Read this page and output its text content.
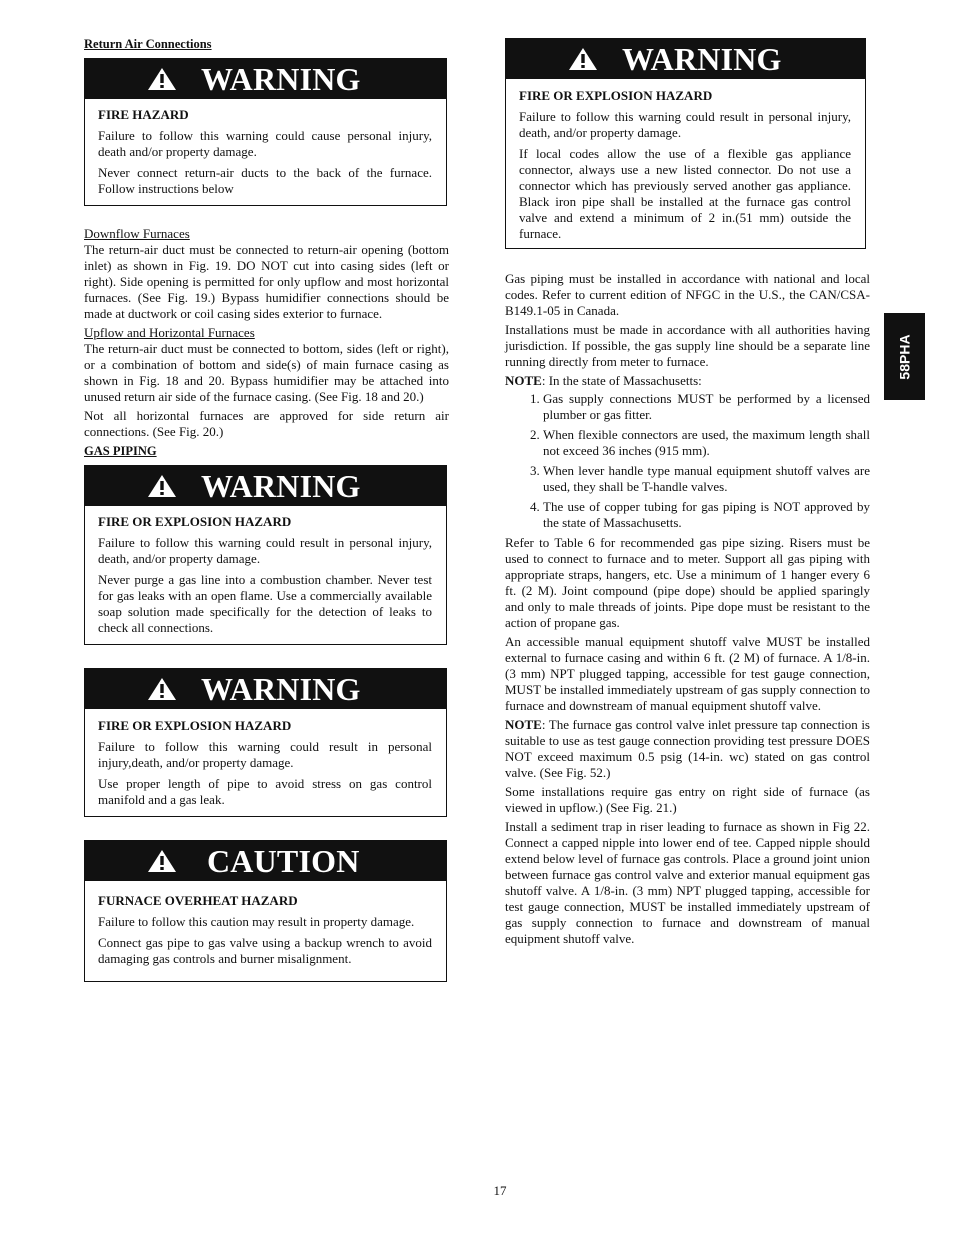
Return Air Connections

WARNING

FIRE HAZARD

Failure to follow this warning could cause personal injury, death and/or property damage.

Never connect return-air ducts to the back of the furnace. Follow instructions below

Downflow Furnaces

The return-air duct must be connected to return-air opening (bottom inlet) as shown in Fig. 19. DO NOT cut into casing sides (left or right). Side opening is permitted for only upflow and most horizontal furnaces. (See Fig. 19.) Bypass humidifier connections should be made at ductwork or coil casing sides exterior to furnace.

Upflow and Horizontal Furnaces

The return-air duct must be connected to bottom, sides (left or right), or a combination of bottom and side(s) of main furnace casing as shown in Fig. 18 and 20. Bypass humidifier may be attached into unused return air side of the furnace casing. (See Fig. 18 and 20.)

Not all horizontal furnaces are approved for side return air connections. (See Fig. 20.)

GAS PIPING

WARNING

FIRE OR EXPLOSION HAZARD

Failure to follow this warning could result in personal injury, death, and/or property damage.

Never purge a gas line into a combustion chamber. Never test for gas leaks with an open flame. Use a commercially available soap solution made specifically for the detection of leaks to check all connections.

WARNING

FIRE OR EXPLOSION HAZARD

Failure to follow this warning could result in personal injury,death, and/or property damage.

Use proper length of pipe to avoid stress on gas control manifold and a gas leak.

CAUTION

FURNACE OVERHEAT HAZARD

Failure to follow this caution may result in property damage.

Connect gas pipe to gas valve using a backup wrench to avoid damaging gas controls and burner misalignment.

WARNING

FIRE OR EXPLOSION HAZARD

Failure to follow this warning could result in personal injury, death, and/or property damage.

If local codes allow the use of a flexible gas appliance connector, always use a new listed connector. Do not use a connector which has previously served another gas appliance. Black iron pipe shall be installed at the furnace gas control valve and extend a minimum of 2 in.(51 mm) outside the furnace.

Gas piping must be installed in accordance with national and local codes. Refer to current edition of NFGC in the U.S., the CAN/CSA-B149.1-05 in Canada.

Installations must be made in accordance with all authorities having jurisdiction. If possible, the gas supply line should be a separate line running directly from meter to furnace.

NOTE: In the state of Massachusetts:

1. Gas supply connections MUST be performed by a licensed plumber or gas fitter.
2. When flexible connectors are used, the maximum length shall not exceed 36 inches (915 mm).
3. When lever handle type manual equipment shutoff valves are used, they shall be T-handle valves.
4. The use of copper tubing for gas piping is NOT approved by the state of Massachusetts.

Refer to Table 6 for recommended gas pipe sizing. Risers must be used to connect to furnace and to meter. Support all gas piping with appropriate straps, hangers, etc. Use a minimum of 1 hanger every 6 ft. (2 M). Joint compound (pipe dope) should be applied sparingly and only to male threads of joints. Pipe dope must be resistant to the action of propane gas.

An accessible manual equipment shutoff valve MUST be installed external to furnace casing and within 6 ft. (2 M) of furnace. A 1/8-in. (3 mm) NPT plugged tapping, accessible for test gauge connection, MUST be installed immediately upstream of gas supply connection to furnace and downstream of manual equipment shutoff valve.

NOTE: The furnace gas control valve inlet pressure tap connection is suitable to use as test gauge connection providing test pressure DOES NOT exceed maximum 0.5 psig (14-in. wc) stated on gas control valve. (See Fig. 52.)

Some installations require gas entry on right side of furnace (as viewed in upflow.) (See Fig. 21.)

Install a sediment trap in riser leading to furnace as shown in Fig 22. Connect a capped nipple into lower end of tee. Capped nipple should extend below level of furnace gas controls. Place a ground joint union between furnace gas control valve and exterior manual equipment gas shutoff valve. A 1/8-in. (3 mm) NPT plugged tapping, accessible for test gauge connection, MUST be installed immediately upstream of gas supply connection to furnace and downstream of manual equipment shutoff valve.

58PHA
17
